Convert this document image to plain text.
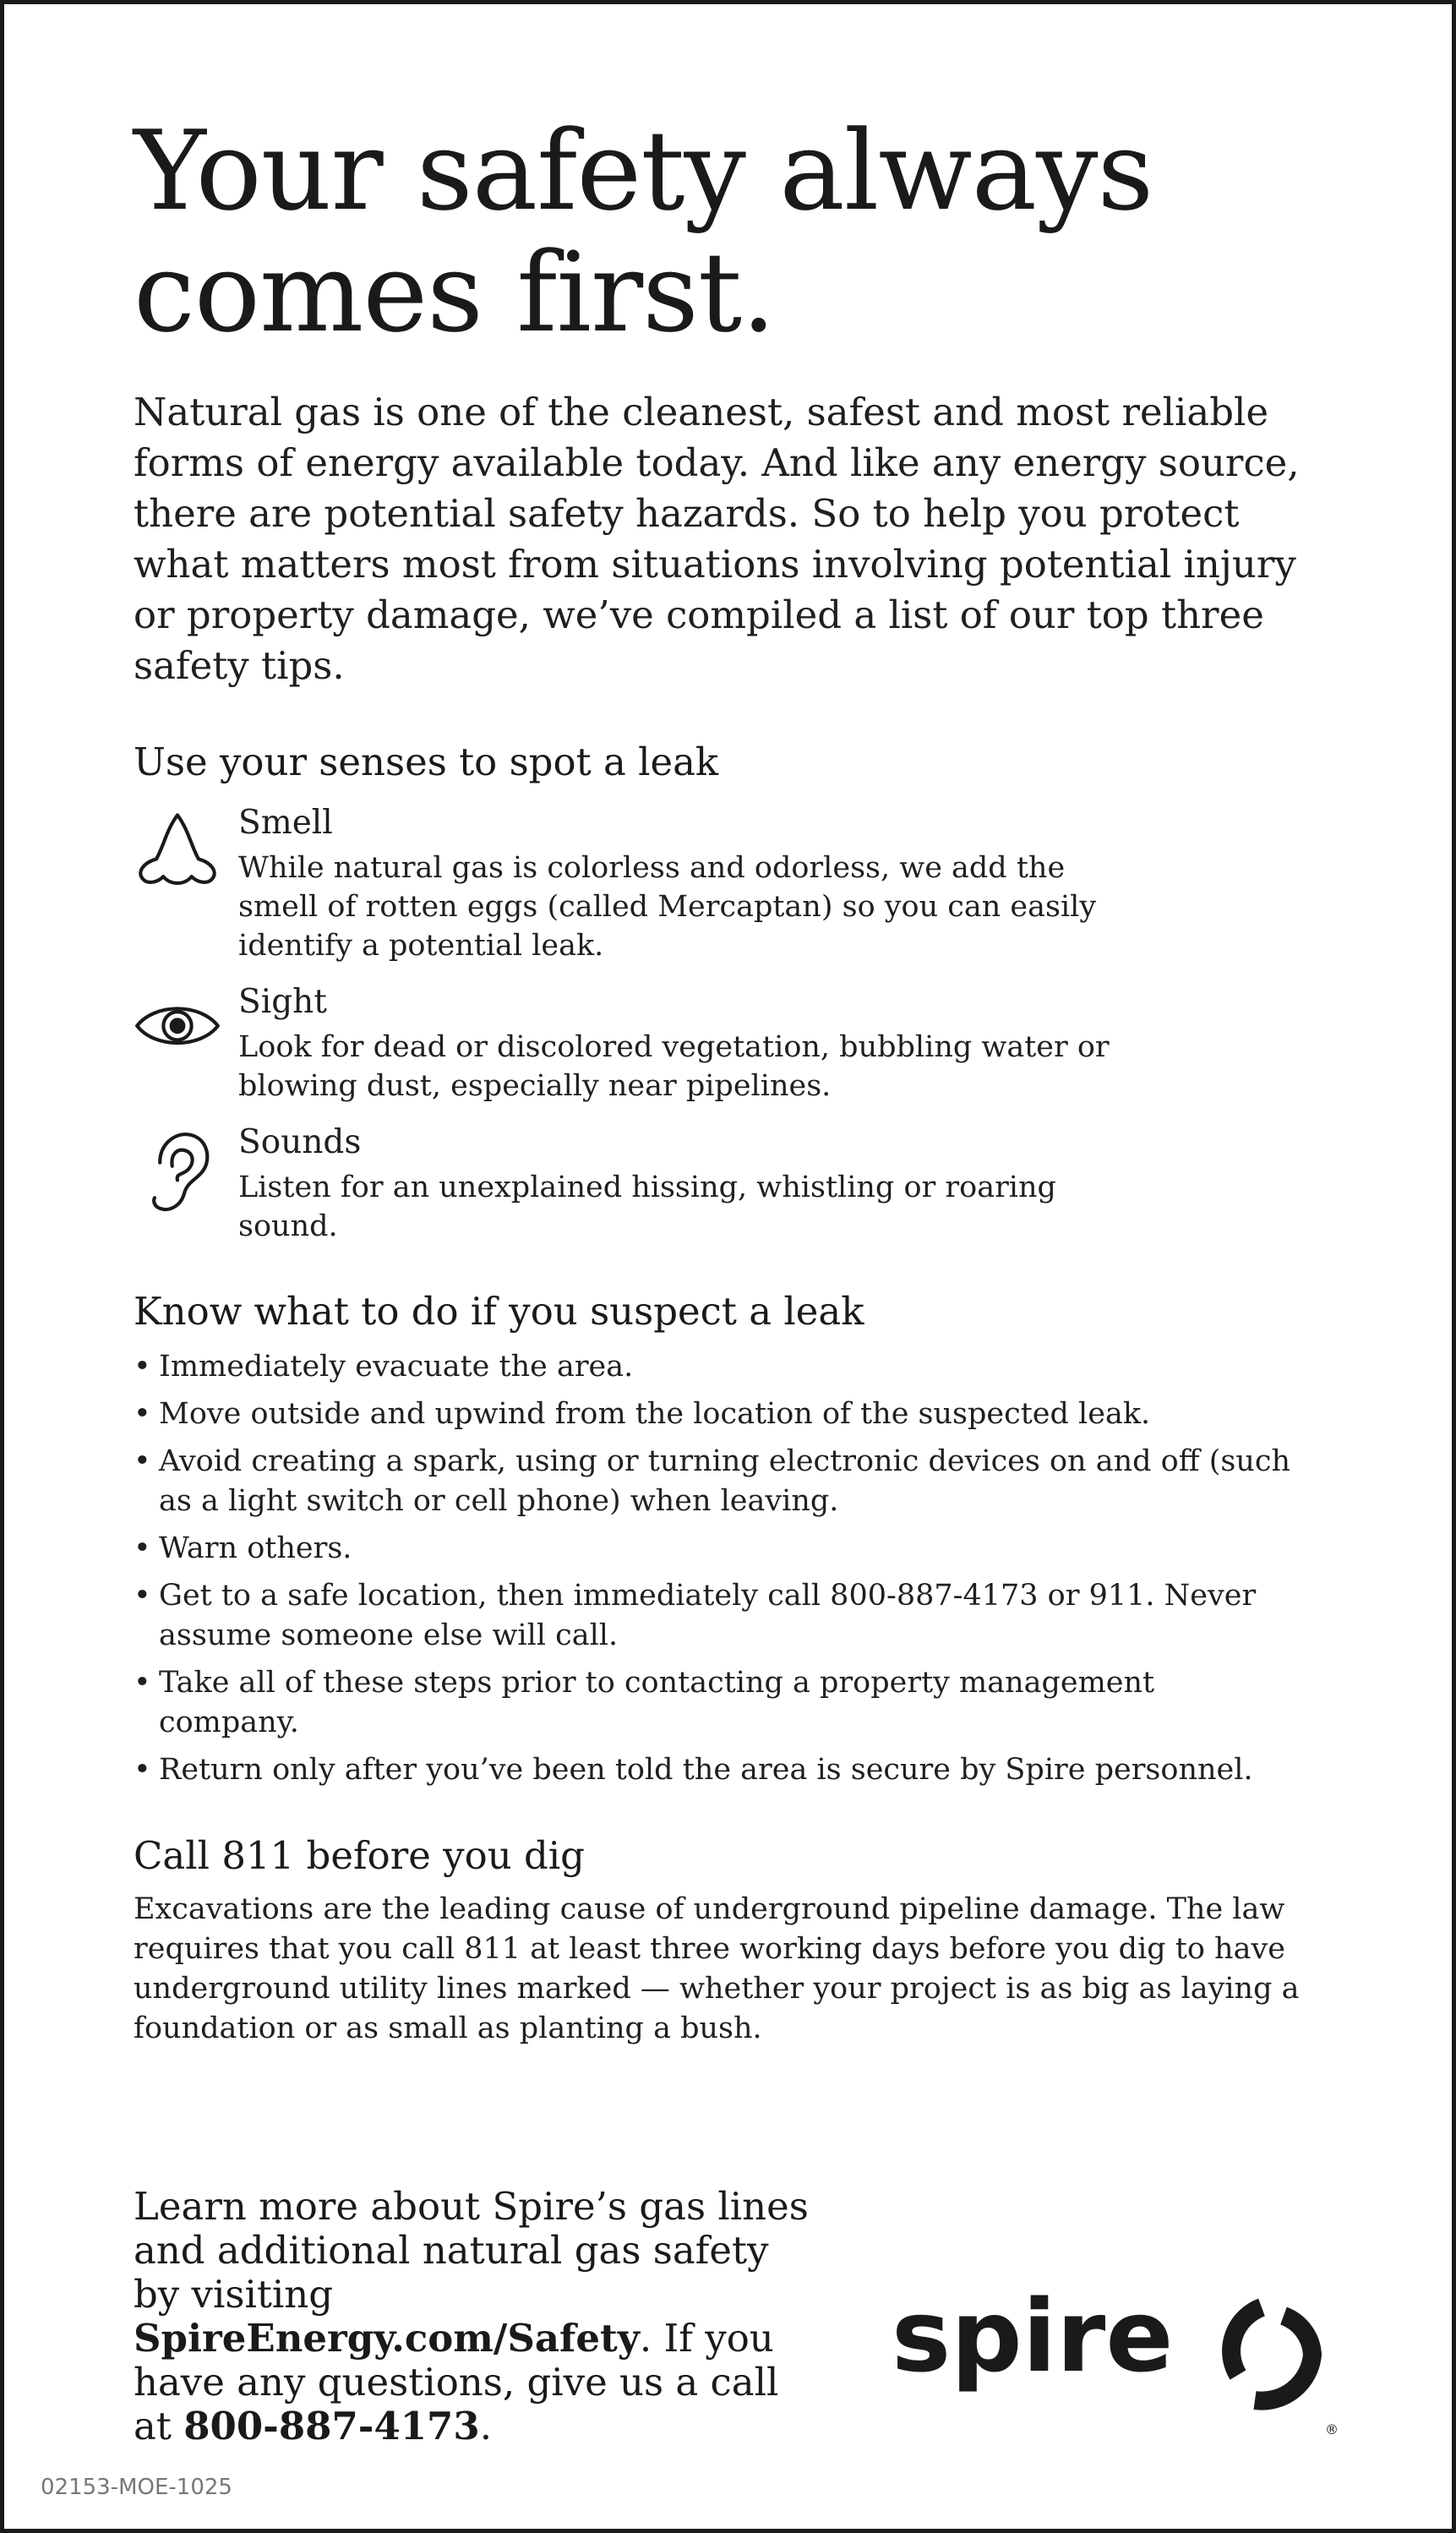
Your safety always comes first.
Natural gas is one of the cleanest, safest and most reliable forms of energy available today. And like any energy source, there are potential safety hazards. So to help you protect what matters most from situations involving potential injury or property damage, we’ve compiled a list of our top three safety tips.
Use your senses to spot a leak
Smell
While natural gas is colorless and odorless, we add the smell of rotten eggs (called Mercaptan) so you can easily identify a potential leak.
Sight
Look for dead or discolored vegetation, bubbling water or blowing dust, especially near pipelines.
Sounds
Listen for an unexplained hissing, whistling or roaring sound.
Know what to do if you suspect a leak
• Immediately evacuate the area.
• Move outside and upwind from the location of the suspected leak.
• Avoid creating a spark, using or turning electronic devices on and off (such as a light switch or cell phone) when leaving.
• Warn others.
• Get to a safe location, then immediately call 800-887-4173 or 911. Never assume someone else will call.
• Take all of these steps prior to contacting a property management company.
• Return only after you’ve been told the area is secure by Spire personnel.
Call 811 before you dig
Excavations are the leading cause of underground pipeline damage. The law requires that you call 811 at least three working days before you dig to have underground utility lines marked — whether your project is as big as laying a foundation or as small as planting a bush.
Learn more about Spire’s gas lines and additional natural gas safety by visiting SpireEnergy.com/Safety. If you have any questions, give us a call at 800-887-4173.
spire
®
02153-MOE-1025
